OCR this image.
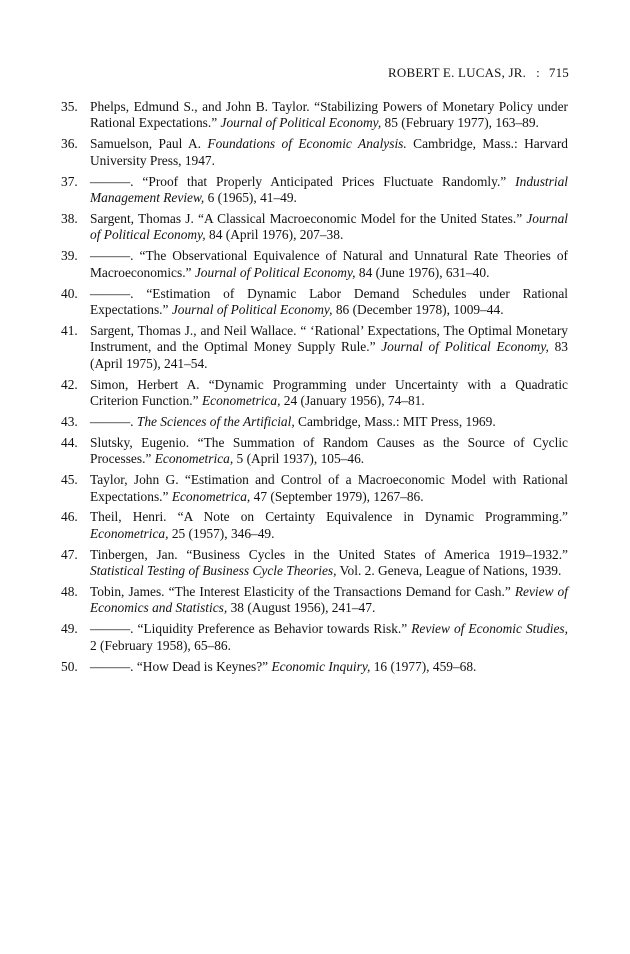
ROBERT E. LUCAS, JR. : 715
35. Phelps, Edmund S., and John B. Taylor. “Stabilizing Powers of Monetary Policy under Rational Expectations.” Journal of Political Economy, 85 (February 1977), 163–89.
36. Samuelson, Paul A. Foundations of Economic Analysis. Cambridge, Mass.: Harvard University Press, 1947.
37. ———. “Proof that Properly Anticipated Prices Fluctuate Randomly.” Industrial Management Review, 6 (1965), 41–49.
38. Sargent, Thomas J. “A Classical Macroeconomic Model for the United States.” Journal of Political Economy, 84 (April 1976), 207–38.
39. ———. “The Observational Equivalence of Natural and Unnatural Rate Theories of Macroeconomics.” Journal of Political Economy, 84 (June 1976), 631–40.
40. ———. “Estimation of Dynamic Labor Demand Schedules under Rational Expectations.” Journal of Political Economy, 86 (December 1978), 1009–44.
41. Sargent, Thomas J., and Neil Wallace. “ ‘Rational’ Expectations, The Optimal Monetary Instrument, and the Optimal Money Supply Rule.” Journal of Political Economy, 83 (April 1975), 241–54.
42. Simon, Herbert A. “Dynamic Programming under Uncertainty with a Quadratic Criterion Function.” Econometrica, 24 (January 1956), 74–81.
43. ———. The Sciences of the Artificial, Cambridge, Mass.: MIT Press, 1969.
44. Slutsky, Eugenio. “The Summation of Random Causes as the Source of Cyclic Processes.” Econometrica, 5 (April 1937), 105–46.
45. Taylor, John G. “Estimation and Control of a Macroeconomic Model with Rational Expectations.” Econometrica, 47 (September 1979), 1267–86.
46. Theil, Henri. “A Note on Certainty Equivalence in Dynamic Programming.” Econometrica, 25 (1957), 346–49.
47. Tinbergen, Jan. “Business Cycles in the United States of America 1919–1932.” Statistical Testing of Business Cycle Theories, Vol. 2. Geneva, League of Nations, 1939.
48. Tobin, James. “The Interest Elasticity of the Transactions Demand for Cash.” Review of Economics and Statistics, 38 (August 1956), 241–47.
49. ———. “Liquidity Preference as Behavior towards Risk.” Review of Economic Studies, 2 (February 1958), 65–86.
50. ———. “How Dead is Keynes?” Economic Inquiry, 16 (1977), 459–68.
